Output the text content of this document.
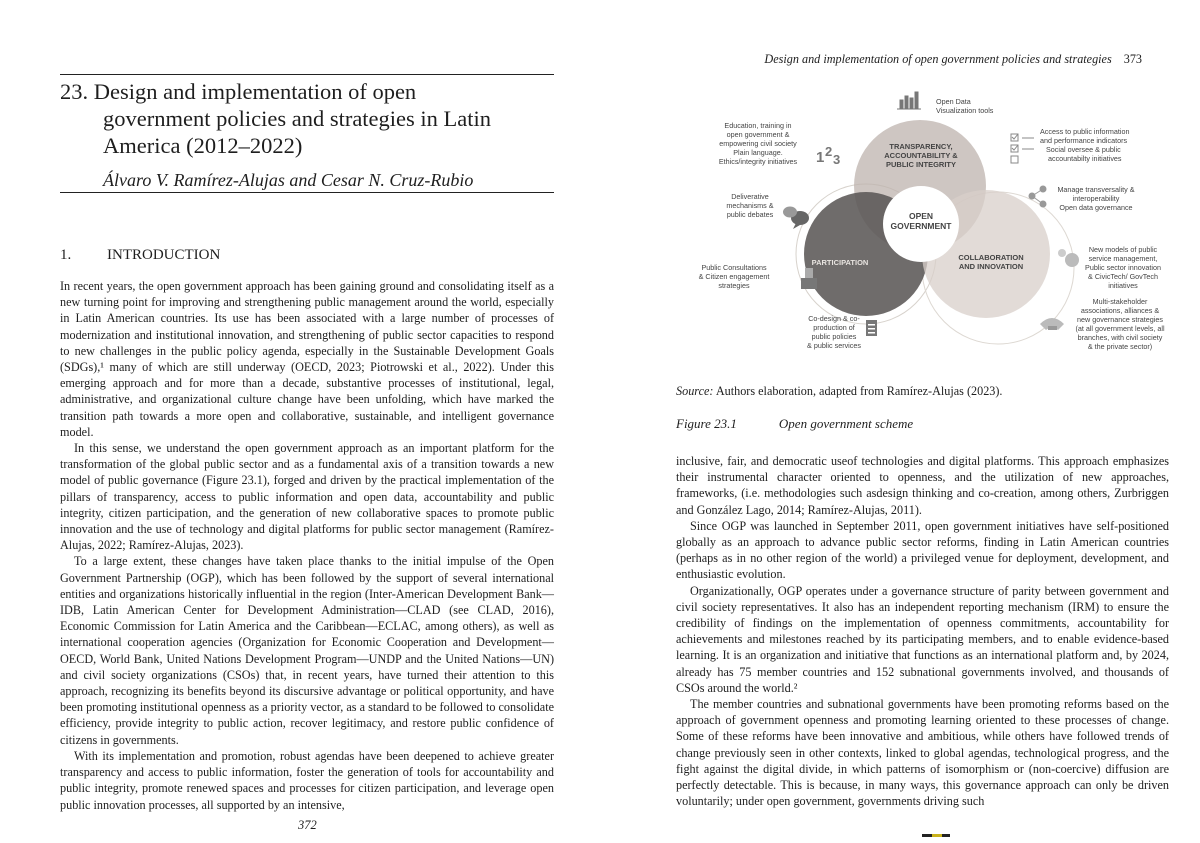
23. Design and implementation of open
government policies and strategies in Latin
America (2012–2022)
Álvaro V. Ramírez-Alujas and Cesar N. Cruz-Rubio
1. INTRODUCTION

In recent years, the open government approach has been gaining ground and consolidating itself as a new turning point for improving and strengthening public management around the world, especially in Latin American countries. Its use has been associated with a large number of processes of modernization and institutional innovation, and strengthening of public sector capacities to respond to new challenges in the public policy agenda, especially in the Sustainable Development Goals (SDGs),¹ many of which are still underway (OECD, 2023; Piotrowski et al., 2022). Under this emerging approach and for more than a decade, substantive processes of institutional, legal, administrative, and organizational culture change have been unfolding, which have marked the transition path towards a more open and collaborative, sustainable, and intelligent governance model.

In this sense, we understand the open government approach as an important platform for the transformation of the global public sector and as a fundamental axis of a transition towards a new model of public governance (Figure 23.1), forged and driven by the practical implementation of the pillars of transparency, access to public information and open data, accountability and public integrity, citizen participation, and the generation of new collaborative spaces to promote public innovation and the use of technology and digital platforms for public sector management (Ramírez-Alujas, 2022; Ramírez-Alujas, 2023).

To a large extent, these changes have taken place thanks to the initial impulse of the Open Government Partnership (OGP), which has been followed by the support of several international entities and organizations historically influential in the region (Inter-American Development Bank—IDB, Latin American Center for Development Administration—CLAD (see CLAD, 2016), Economic Commission for Latin America and the Caribbean—ECLAC, among others), as well as international cooperation agencies (Organization for Economic Cooperation and Development—OECD, World Bank, United Nations Development Program—UNDP and the United Nations—UN) and civil society organizations (CSOs) that, in recent years, have turned their attention to this approach, recognizing its benefits beyond its discursive advantage or political opportunity, and have been promoting institutional openness as a priority vector, as a standard to be followed to consolidate efficiency, provide integrity to public action, recover legitimacy, and restore public confidence of citizens in governments.

With its implementation and promotion, robust agendas have been deepened to achieve greater transparency and access to public information, foster the generation of tools for accountability and public integrity, promote renewed spaces and processes for citizen participation, and leverage open public innovation processes, all supported by an intensive,

372
Design and implementation of open government policies and strategies 373
OPEN
GOVERNMENT
TRANSPARENCY,
ACCOUNTABILITY &
PUBLIC INTEGRITY
PARTICIPATION
COLLABORATION
AND INNOVATION
1 2
3
Open Data
Visualization tools
Education, training in
open government &
empowering civil society
Plain language.
Ethics/integrity initiatives
Access to public information
and performance indicators
Social oversee & public
accountabilty initiatives
Deliverative
mechanisms &
public debates
Manage transversality &
interoperability
Open data governance
Public Consultations
& Citizen engagement
strategies
New models of public
service management,
Public sector innovation
& CivicTech/ GovTech
initiatives
Co-design & co-
production of
public policies
& public services
Multi-stakeholder
associations, alliances &
new governance strategies
(at all government levels, all
branches, with civil society
& the private sector)
Source: Authors elaboration, adapted from Ramírez-Alujas (2023).
Figure 23.1	Open government scheme

inclusive, fair, and democratic useof technologies and digital platforms. This approach emphasizes their instrumental character oriented to openness, and the utilization of new approaches, frameworks, (i.e. methodologies such asdesign thinking and co-creation, among others, Zurbriggen and González Lago, 2014; Ramírez-Alujas, 2011).

Since OGP was launched in September 2011, open government initiatives have self-positioned globally as an approach to advance public sector reforms, finding in Latin American countries (perhaps as in no other region of the world) a privileged venue for deployment, development, and enthusiastic evolution.

Organizationally, OGP operates under a governance structure of parity between government and civil society representatives. It also has an independent reporting mechanism (IRM) to ensure the credibility of findings on the implementation of openness commitments, accountability for achievements and milestones reached by its participating members, and to enable evidence-based learning. It is an organization and initiative that functions as an international platform and, by 2024, already has 75 member countries and 152 subnational governments involved, and thousands of CSOs around the world.²

The member countries and subnational governments have been promoting reforms based on the approach of government openness and promoting learning oriented to these processes of change. Some of these reforms have been innovative and ambitious, while others have followed trends of change previously seen in other contexts, linked to global agendas, technological progress, and the fight against the digital divide, in which patterns of isomorphism or (non-coercive) diffusion are perfectly detectable. This is because, in many ways, this governance approach can only be driven voluntarily; under open government, governments driving such
